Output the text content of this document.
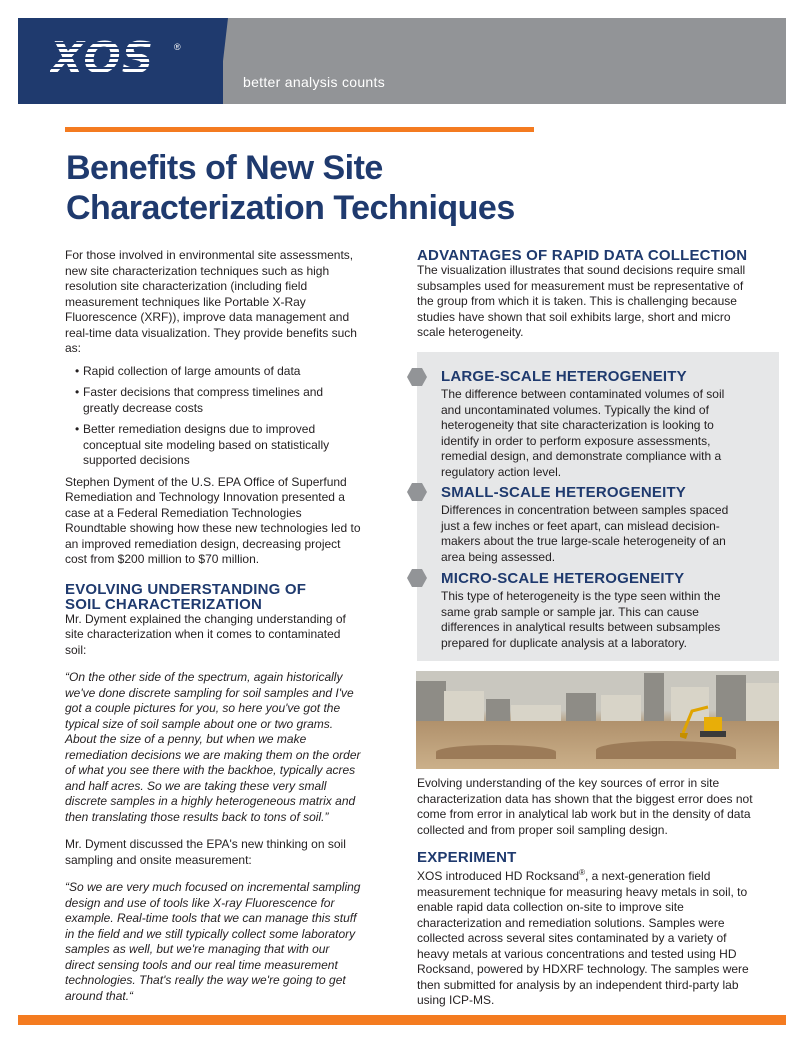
XOS ®
better analysis counts
Benefits of New Site
Characterization Techniques

For those involved in environmental site assessments, new site characterization techniques such as high resolution site characterization (including field measurement techniques like Portable X-Ray Fluorescence (XRF)), improve data management and real-time data visualization. They provide benefits such as:

• Rapid collection of large amounts of data
• Faster decisions that compress timelines and greatly decrease costs
• Better remediation designs due to improved conceptual site modeling based on statistically supported decisions

Stephen Dyment of the U.S. EPA Office of Superfund Remediation and Technology Innovation presented a case at a Federal Remediation Technologies Roundtable showing how these new technologies led to an improved remediation design, decreasing project cost from $200 million to $70 million.

EVOLVING UNDERSTANDING OF
SOIL CHARACTERIZATION

Mr. Dyment explained the changing understanding of site characterization when it comes to contaminated soil:

“On the other side of the spectrum, again historically we've done discrete sampling for soil samples and I've got a couple pictures for you, so here you've got the typical size of soil sample about one or two grams. About the size of a penny, but when we make remediation decisions we are making them on the order of what you see there with the backhoe, typically acres and half acres. So we are taking these very small discrete samples in a highly heterogeneous matrix and then translating those results back to tons of soil.”

Mr. Dyment discussed the EPA's new thinking on soil sampling and onsite measurement:

“So we are very much focused on incremental sampling design and use of tools like X-ray Fluorescence for example. Real-time tools that we can manage this stuff in the field and we still typically collect some laboratory samples as well, but we're managing that with our direct sensing tools and our real time measurement technologies. That's really the way we're going to get around that.“

ADVANTAGES OF RAPID DATA COLLECTION

The visualization illustrates that sound decisions require small subsamples used for measurement must be representative of the group from which it is taken. This is challenging because studies have shown that soil exhibits large, short and micro scale heterogeneity.

LARGE-SCALE HETEROGENEITY

The difference between contaminated volumes of soil and uncontaminated volumes. Typically the kind of heterogeneity that site characterization is looking to identify in order to perform exposure assessments, remedial design, and demonstrate compliance with a regulatory action level.

SMALL-SCALE HETEROGENEITY

Differences in concentration between samples spaced just a few inches or feet apart, can mislead decision-makers about the true large-scale heterogeneity of an area being assessed.

MICRO-SCALE HETEROGENEITY

This type of heterogeneity is the type seen within the same grab sample or sample jar. This can cause differences in analytical results between subsamples prepared for duplicate analysis at a laboratory.

Evolving understanding of the key sources of error in site characterization data has shown that the biggest error does not come from error in analytical lab work but in the density of data collected and from proper soil sampling design.

EXPERIMENT

XOS introduced HD Rocksand®, a next-generation field measurement technique for measuring heavy metals in soil, to enable rapid data collection on-site to improve site characterization and remediation solutions. Samples were collected across several sites contaminated by a variety of heavy metals at various concentrations and tested using HD Rocksand, powered by HDXRF technology. The samples were then submitted for analysis by an independent third-party lab using ICP-MS.
